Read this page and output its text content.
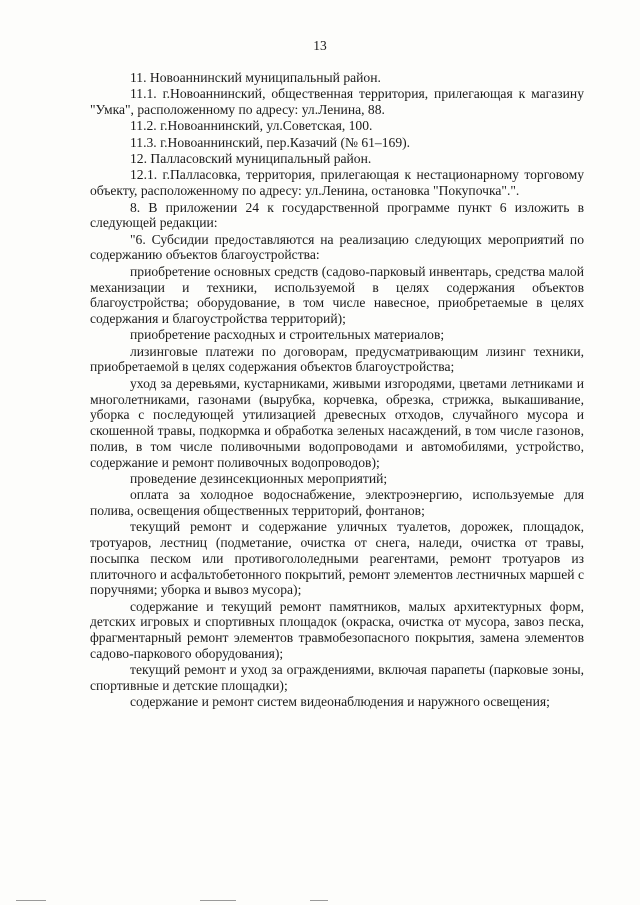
13

11. Новоаннинский муниципальный район.

11.1. г.Новоаннинский, общественная территория, прилегающая к магазину "Умка", расположенному по адресу: ул.Ленина, 88.

11.2. г.Новоаннинский, ул.Советская, 100.

11.3. г.Новоаннинский, пер.Казачий (№ 61–169).

12. Палласовский муниципальный район.

12.1. г.Палласовка, территория, прилегающая к нестационарному торговому объекту, расположенному по адресу: ул.Ленина, остановка "Покупочка".".

8. В приложении 24 к государственной программе пункт 6 изложить в следующей редакции:

"6. Субсидии предоставляются на реализацию следующих мероприятий по содержанию объектов благоустройства:

приобретение основных средств (садово-парковый инвентарь, средства малой механизации и техники, используемой в целях содержания объектов благоустройства; оборудование, в том числе навесное, приобретаемые в целях содержания и благоустройства территорий);

приобретение расходных и строительных материалов;

лизинговые платежи по договорам, предусматривающим лизинг техники, приобретаемой в целях содержания объектов благоустройства;

уход за деревьями, кустарниками, живыми изгородями, цветами летниками и многолетниками, газонами (вырубка, корчевка, обрезка, стрижка, выкашивание, уборка с последующей утилизацией древесных отходов, случайного мусора и скошенной травы, подкормка и обработка зеленых насаждений, в том числе газонов, полив, в том числе поливочными водопроводами и автомобилями, устройство, содержание и ремонт поливочных водопроводов);

проведение дезинсекционных мероприятий;

оплата за холодное водоснабжение, электроэнергию, используемые для полива, освещения общественных территорий, фонтанов;

текущий ремонт и содержание уличных туалетов, дорожек, площадок, тротуаров, лестниц (подметание, очистка от снега, наледи, очистка от травы, посыпка песком или противогололедными реагентами, ремонт тротуаров из плиточного и асфальтобетонного покрытий, ремонт элементов лестничных маршей с поручнями; уборка и вывоз мусора);

содержание и текущий ремонт памятников, малых архитектурных форм, детских игровых и спортивных площадок (окраска, очистка от мусора, завоз песка, фрагментарный ремонт элементов травмобезопасного покрытия, замена элементов садово-паркового оборудования);

текущий ремонт и уход за ограждениями, включая парапеты (парковые зоны, спортивные и детские площадки);

содержание и ремонт систем видеонаблюдения и наружного освещения;
